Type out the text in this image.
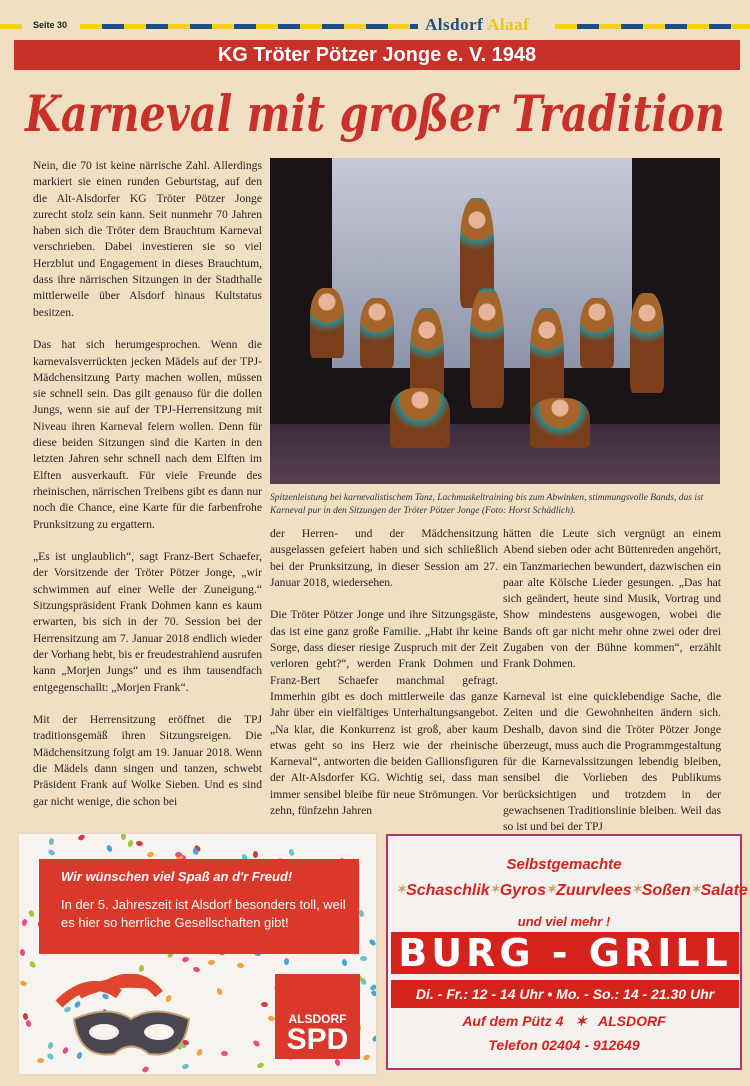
Seite 30	Alsdorf Alaaf
KG Tröter Pötzer Jonge e. V. 1948
Karneval mit großer Tradition

Nein, die 70 ist keine närrische Zahl. Allerdings markiert sie einen runden Geburtstag, auf den die Alt-Alsdorfer KG Tröter Pötzer Jonge zurecht stolz sein kann. Seit nunmehr 70 Jahren haben sich die Tröter dem Brauchtum Karneval verschrieben. Dabei investieren sie so viel Herzblut und Engagement in dieses Brauchtum, dass ihre närrischen Sitzungen in der Stadthalle mittlerweile über Alsdorf hinaus Kultstatus besitzen.

Das hat sich herumgesprochen. Wenn die karnevalsverrückten jecken Mädels auf der TPJ-Mädchensitzung Party machen wollen, müssen sie schnell sein. Das gilt genauso für die dollen Jungs, wenn sie auf der TPJ-Herrensitzung mit Niveau ihren Karneval feiern wollen. Denn für diese beiden Sitzungen sind die Karten in den letzten Jahren sehr schnell nach dem Elften im Elften ausverkauft. Für viele Freunde des rheinischen, närrischen Treibens gibt es dann nur noch die Chance, eine Karte für die farbenfrohe Prunksitzung zu ergattern.

„Es ist unglaublich“, sagt Franz-Bert Schaefer, der Vorsitzende der Tröter Pötzer Jonge, „wir schwimmen auf einer Welle der Zuneigung.“ Sitzungspräsident Frank Dohmen kann es kaum erwarten, bis sich in der 70. Session bei der Herrensitzung am 7. Januar 2018 endlich wieder der Vorhang hebt, bis er freudestrahlend ausrufen kann „Morjen Jungs“ und es ihm tausendfach entgegenschallt: „Morjen Frank“.

Mit der Herrensitzung eröffnet die TPJ traditionsgemäß ihren Sitzungsreigen. Die Mädchensitzung folgt am 19. Januar 2018. Wenn die Mädels dann singen und tanzen, schwebt Präsident Frank auf Wolke Sieben. Und es sind gar nicht wenige, die schon bei

Spitzenleistung bei karnevalistischem Tanz, Lachmuskeltraining bis zum Abwinken, stimmungsvolle Bands, das ist Karneval pur in den Sitzungen der Tröter Pötzer Jonge (Foto: Horst Schädlich).

der Herren- und der Mädchensitzung ausgelassen gefeiert haben und sich schließlich bei der Prunksitzung, in dieser Session am 27. Januar 2018, wiedersehen.

Die Tröter Pötzer Jonge und ihre Sitzungsgäste, das ist eine ganz große Familie. „Habt ihr keine Sorge, dass dieser riesige Zuspruch mit der Zeit verloren geht?“, werden Frank Dohmen und Franz-Bert Schaefer manchmal gefragt. Immerhin gibt es doch mittlerweile das ganze Jahr über ein vielfältiges Unterhaltungsangebot. „Na klar, die Konkurrenz ist groß, aber kaum etwas geht so ins Herz wie der rheinische Karneval“, antworten die beiden Gallionsfiguren der Alt-Alsdorfer KG. Wichtig sei, dass man immer sensibel bleibe für neue Strömungen. Vor zehn, fünfzehn Jahren

hätten die Leute sich vergnügt an einem Abend sieben oder acht Büttenreden angehört, ein Tanzmariechen bewundert, dazwischen ein paar alte Kölsche Lieder gesungen. „Das hat sich geändert, heute sind Musik, Vortrag und Show mindestens ausgewogen, wobei die Bands oft gar nicht mehr ohne zwei oder drei Zugaben von der Bühne kommen“, erzählt Frank Dohmen.

Karneval ist eine quicklebendige Sache, die Zeiten und die Gewohnheiten ändern sich. Deshalb, davon sind die Tröter Pötzer Jonge überzeugt, muss auch die Programmgestaltung für die Karnevalssitzungen lebendig bleiben, sensibel die Vorlieben des Publikums berücksichtigen und trotzdem in der gewachsenen Traditionslinie bleiben. Weil das so ist und bei der TPJ

Wir wünschen viel Spaß an d'r Freud!
In der 5. Jahreszeit ist Alsdorf besonders toll, weil es hier so herrliche Gesellschaften gibt!
ALSDORF
SPD
Selbstgemachte
✶Schaschlik ✶Gyros ✶Zuurvlees ✶Soßen ✶Salate
und viel mehr !
BURG - GRILL
Di. - Fr.: 12 - 14 Uhr • Mo. - So.: 14 - 21.30 Uhr
Auf dem Pütz 4 ✶ ALSDORF
Telefon 02404 - 912649
